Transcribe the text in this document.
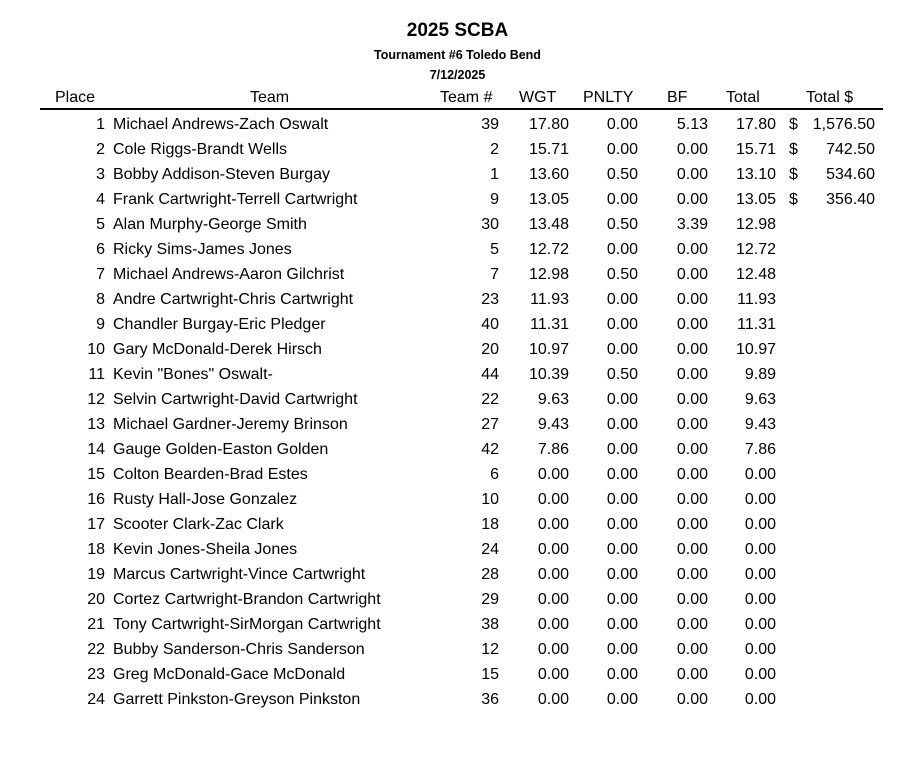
2025 SCBA
Tournament #6 Toledo Bend
7/12/2025
Place	Team	Team # WGT PNLTY BF Total	Total $
1 Michael Andrews-Zach Oswalt	39 17.80 0.00 5.13 17.80 $ 1,576.50
2 Cole Riggs-Brandt Wells	2 15.71 0.00 0.00 15.71 $ 742.50
3 Bobby Addison-Steven Burgay	1 13.60 0.50 0.00 13.10 $ 534.60
4 Frank Cartwright-Terrell Cartwright	9 13.05 0.00 0.00 13.05 $ 356.40
5 Alan Murphy-George Smith	30 13.48 0.50 3.39 12.98
6 Ricky Sims-James Jones	5 12.72 0.00 0.00 12.72
7 Michael Andrews-Aaron Gilchrist	7 12.98 0.50 0.00 12.48
8 Andre Cartwright-Chris Cartwright	23 11.93 0.00 0.00 11.93
9 Chandler Burgay-Eric Pledger	40 11.31 0.00 0.00 11.31
10 Gary McDonald-Derek Hirsch	20 10.97 0.00 0.00 10.97
11 Kevin "Bones" Oswalt-	44 10.39 0.50 0.00 9.89
12 Selvin Cartwright-David Cartwright	22 9.63 0.00 0.00 9.63
13 Michael Gardner-Jeremy Brinson	27 9.43 0.00 0.00 9.43
14 Gauge Golden-Easton Golden	42 7.86 0.00 0.00 7.86
15 Colton Bearden-Brad Estes	6 0.00 0.00 0.00 0.00
16 Rusty Hall-Jose Gonzalez	10 0.00 0.00 0.00 0.00
17 Scooter Clark-Zac Clark	18 0.00 0.00 0.00 0.00
18 Kevin Jones-Sheila Jones	24 0.00 0.00 0.00 0.00
19 Marcus Cartwright-Vince Cartwright	28 0.00 0.00 0.00 0.00
20 Cortez Cartwright-Brandon Cartwright	29 0.00 0.00 0.00 0.00
21 Tony Cartwright-SirMorgan Cartwright	38 0.00 0.00 0.00 0.00
22 Bubby Sanderson-Chris Sanderson	12 0.00 0.00 0.00 0.00
23 Greg McDonald-Gace McDonald	15 0.00 0.00 0.00 0.00
24 Garrett Pinkston-Greyson Pinkston	36 0.00 0.00 0.00 0.00
